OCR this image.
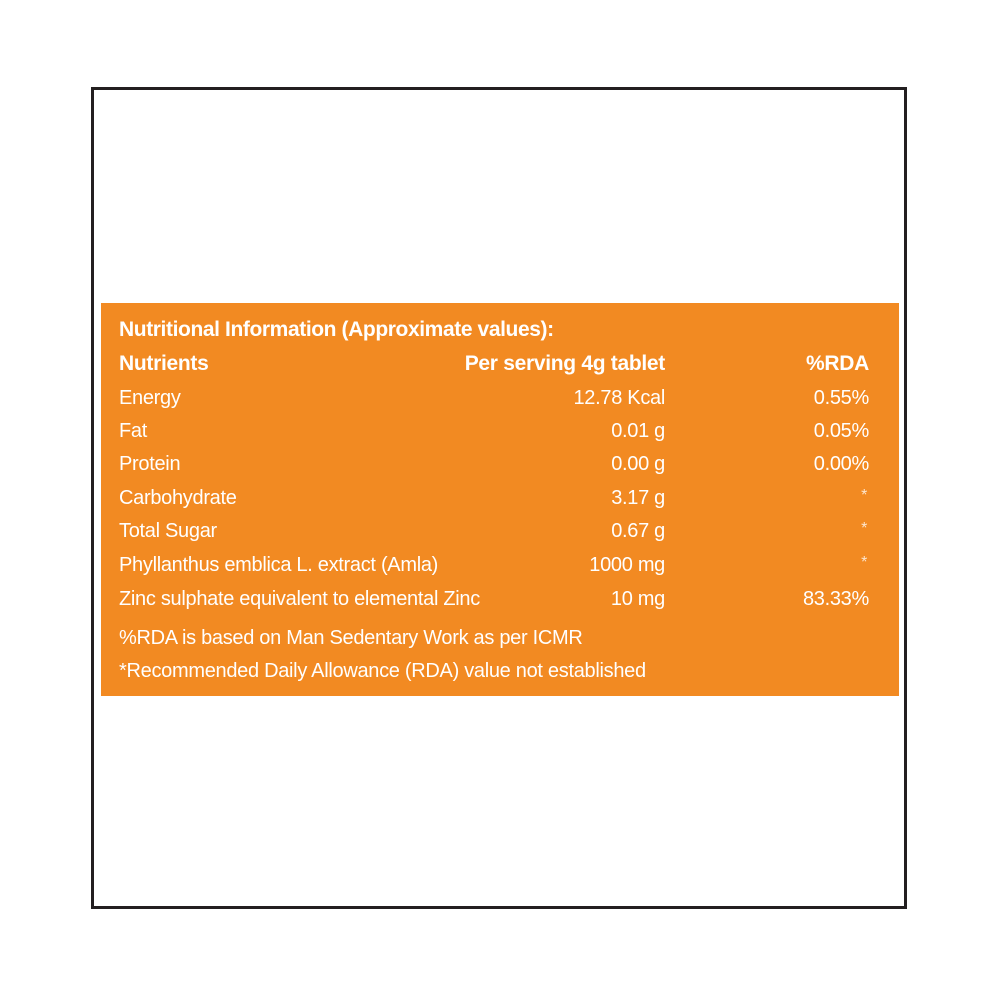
Nutritional Information (Approximate values):
Nutrients	Per serving 4g tablet	%RDA
Energy	12.78 Kcal	0.55%
Fat	0.01 g	0.05%
Protein	0.00 g	0.00%
Carbohydrate	3.17 g	*
Total Sugar	0.67 g	*
Phyllanthus emblica L. extract (Amla)	1000 mg	*
Zinc sulphate equivalent to elemental Zinc	10 mg	83.33%
%RDA is based on Man Sedentary Work as per ICMR
*Recommended Daily Allowance (RDA) value not established
